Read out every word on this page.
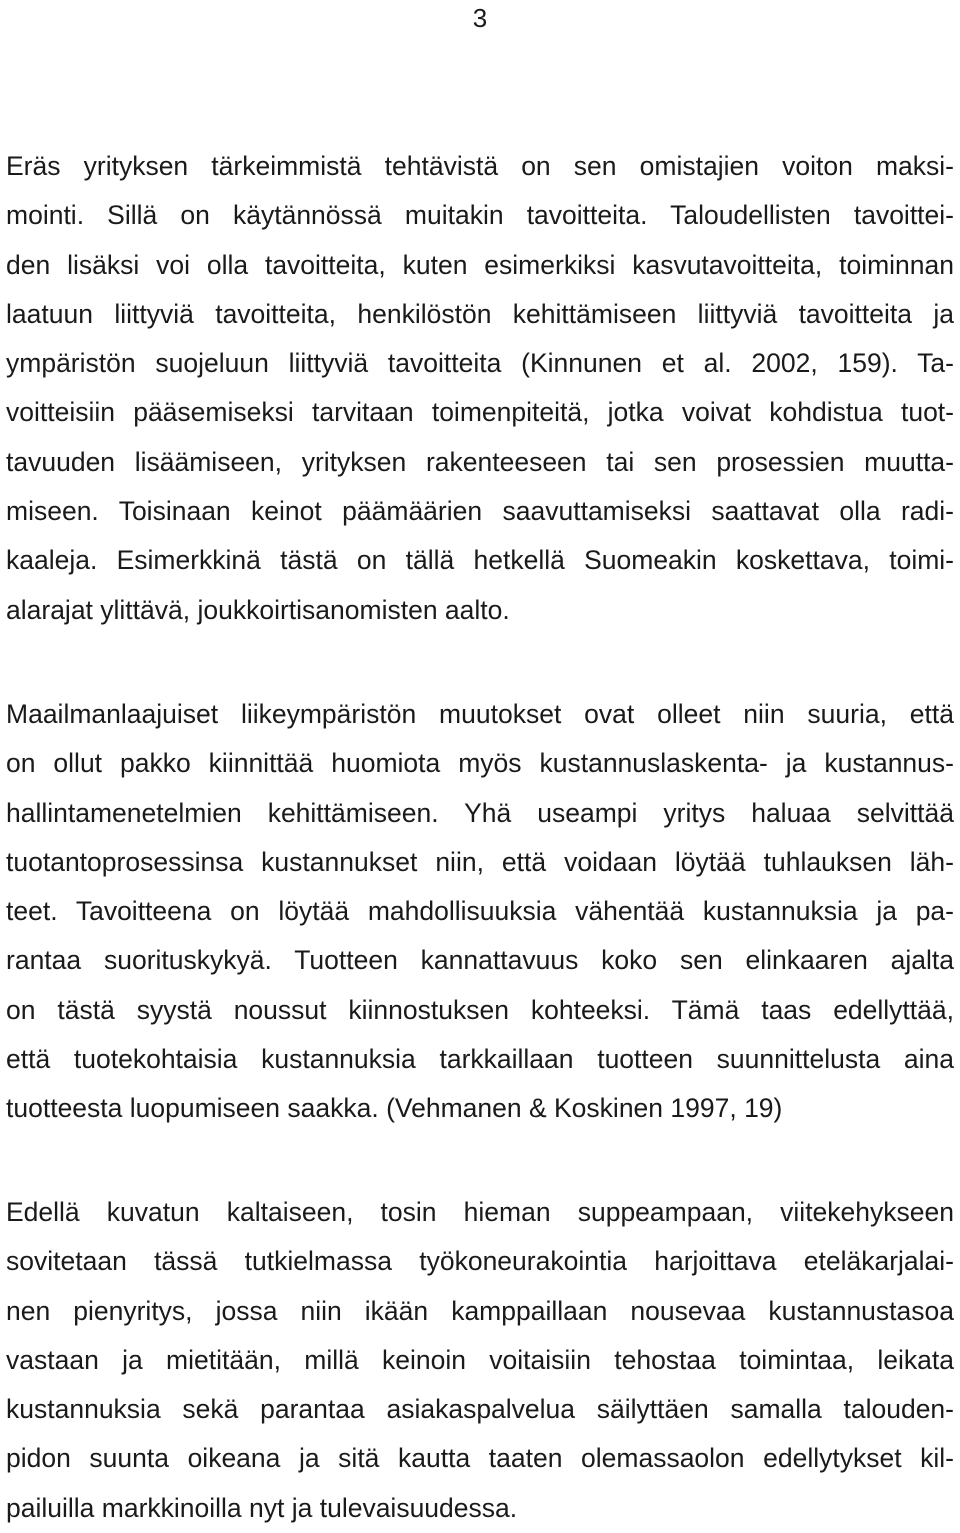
3
Eräs yrityksen tärkeimmistä tehtävistä on sen omistajien voiton maksi-
mointi. Sillä on käytännössä muitakin tavoitteita. Taloudellisten tavoittei-
den lisäksi voi olla tavoitteita, kuten esimerkiksi kasvutavoitteita, toiminnan
laatuun liittyviä tavoitteita, henkilöstön kehittämiseen liittyviä tavoitteita ja
ympäristön suojeluun liittyviä tavoitteita (Kinnunen et al. 2002, 159). Ta-
voitteisiin pääsemiseksi tarvitaan toimenpiteitä, jotka voivat kohdistua tuot-
tavuuden lisäämiseen, yrityksen rakenteeseen tai sen prosessien muutta-
miseen. Toisinaan keinot päämäärien saavuttamiseksi saattavat olla radi-
kaaleja. Esimerkkinä tästä on tällä hetkellä Suomeakin koskettava, toimi-
alarajat ylittävä, joukkoirtisanomisten aalto.
Maailmanlaajuiset liikeympäristön muutokset ovat olleet niin suuria, että
on ollut pakko kiinnittää huomiota myös kustannuslaskenta- ja kustannus-
hallintamenetelmien kehittämiseen. Yhä useampi yritys haluaa selvittää
tuotantoprosessinsa kustannukset niin, että voidaan löytää tuhlauksen läh-
teet. Tavoitteena on löytää mahdollisuuksia vähentää kustannuksia ja pa-
rantaa suorituskykyä. Tuotteen kannattavuus koko sen elinkaaren ajalta
on tästä syystä noussut kiinnostuksen kohteeksi. Tämä taas edellyttää,
että tuotekohtaisia kustannuksia tarkkaillaan tuotteen suunnittelusta aina
tuotteesta luopumiseen saakka. (Vehmanen & Koskinen 1997, 19)
Edellä kuvatun kaltaiseen, tosin hieman suppeampaan, viitekehykseen
sovitetaan tässä tutkielmassa työkoneurakointia harjoittava eteläkarjalai-
nen pienyritys, jossa niin ikään kamppaillaan nousevaa kustannustasoa
vastaan ja mietitään, millä keinoin voitaisiin tehostaa toimintaa, leikata
kustannuksia sekä parantaa asiakaspalvelua säilyttäen samalla talouden-
pidon suunta oikeana ja sitä kautta taaten olemassaolon edellytykset kil-
pailuilla markkinoilla nyt ja tulevaisuudessa.
